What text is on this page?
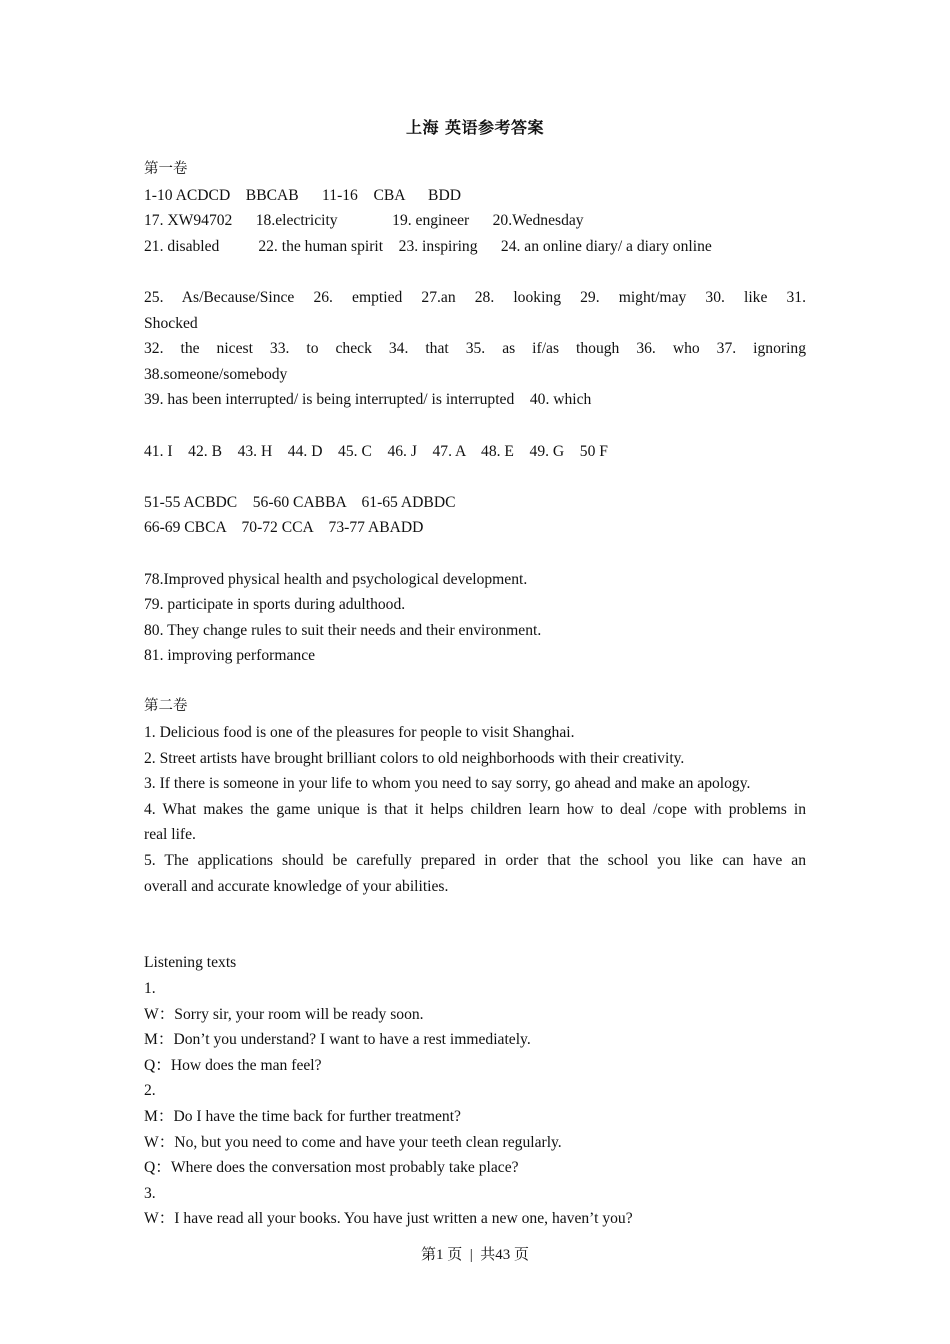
上海 英语参考答案
第一卷
1-10 ACDCD    BBCAB      11-16    CBA      BDD
17. XW94702      18.electricity              19. engineer      20.Wednesday
21. disabled          22. the human spirit    23. inspiring      24. an online diary/ a diary online
25. As/Because/Since 26. emptied 27.an 28. looking 29. might/may 30. like 31.
Shocked
32. the nicest 33. to check 34. that 35. as if/as though 36. who 37. ignoring
38.someone/somebody
39. has been interrupted/ is being interrupted/ is interrupted    40. which
41. I    42. B    43. H    44. D    45. C    46. J    47. A    48. E    49. G    50 F
51-55 ACBDC    56-60 CABBA    61-65 ADBDC
66-69 CBCA    70-72 CCA    73-77 ABADD
78.Improved physical health and psychological development.
79. participate in sports during adulthood.
80. They change rules to suit their needs and their environment.
81. improving performance
第二卷
1. Delicious food is one of the pleasures for people to visit Shanghai.
2. Street artists have brought brilliant colors to old neighborhoods with their creativity.
3. If there is someone in your life to whom you need to say sorry, go ahead and make an apology.
4. What makes the game unique is that it helps children learn how to deal /cope with problems in
real life.
5. The applications should be carefully prepared in order that the school you like can have an
overall and accurate knowledge of your abilities.
Listening texts
1.
W：Sorry sir, your room will be ready soon.
M：Don’t you understand? I want to have a rest immediately.
Q：How does the man feel?
2.
M：Do I have the time back for further treatment?
W：No, but you need to come and have your teeth clean regularly.
Q：Where does the conversation most probably take place?
3.
W：I have read all your books. You have just written a new one, haven’t you?
第1 页  |  共43 页
